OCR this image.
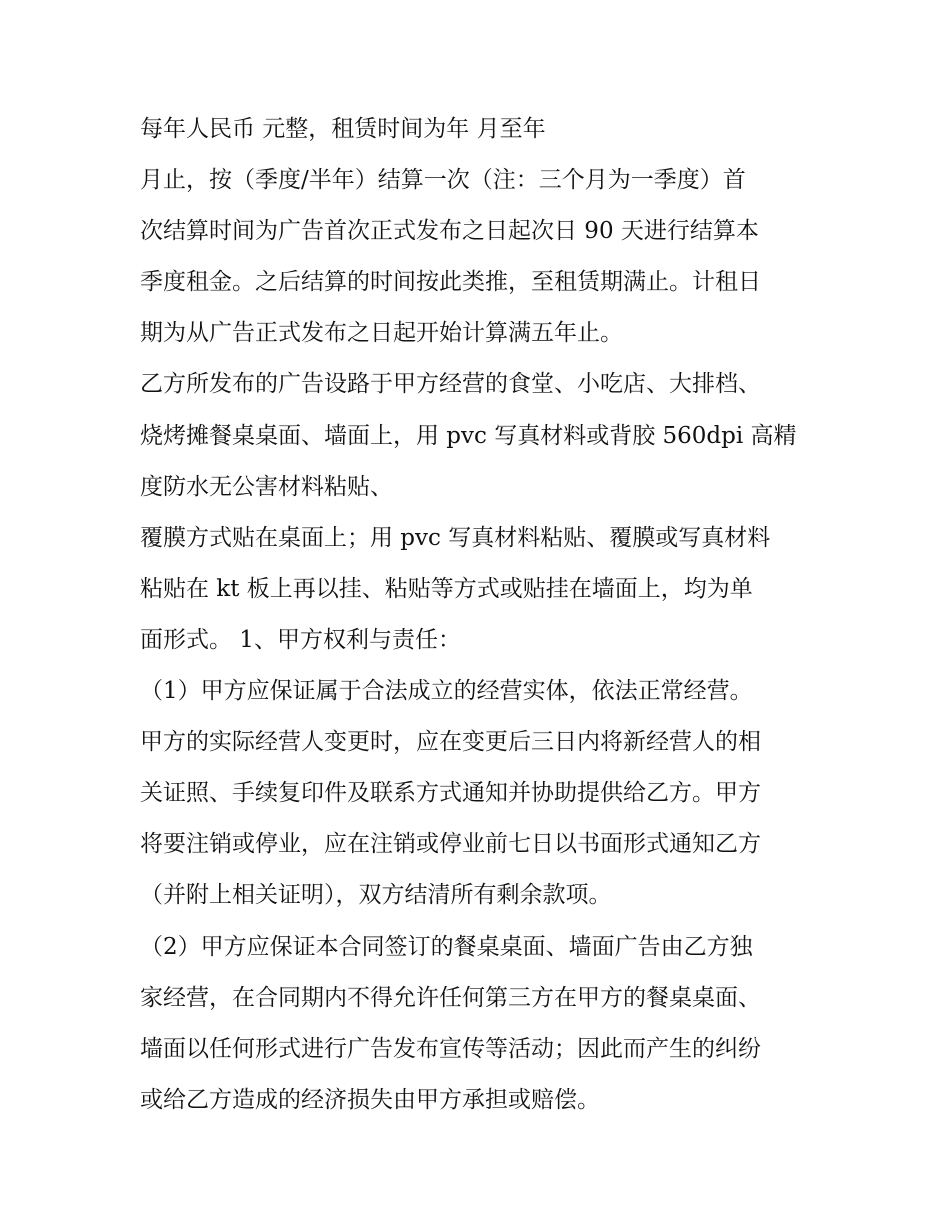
每年人民币 元整，租赁时间为年 月至年
月止，按（季度/半年）结算一次（注：三个月为一季度）首
次结算时间为广告首次正式发布之日起次日 90 天进行结算本
季度租金。之后结算的时间按此类推，至租赁期满止。计租日
期为从广告正式发布之日起开始计算满五年止。
乙方所发布的广告设路于甲方经营的食堂、小吃店、大排档、
烧烤摊餐桌桌面、墙面上，用 pvc 写真材料或背胶 560dpi 高精
度防水无公害材料粘贴、
覆膜方式贴在桌面上；用 pvc 写真材料粘贴、覆膜或写真材料
粘贴在 kt 板上再以挂、粘贴等方式或贴挂在墙面上，均为单
面形式。 1、甲方权利与责任：
（1）甲方应保证属于合法成立的经营实体，依法正常经营。
甲方的实际经营人变更时，应在变更后三日内将新经营人的相
关证照、手续复印件及联系方式通知并协助提供给乙方。甲方
将要注销或停业，应在注销或停业前七日以书面形式通知乙方
（并附上相关证明），双方结清所有剩余款项。
（2）甲方应保证本合同签订的餐桌桌面、墙面广告由乙方独
家经营，在合同期内不得允许任何第三方在甲方的餐桌桌面、
墙面以任何形式进行广告发布宣传等活动；因此而产生的纠纷
或给乙方造成的经济损失由甲方承担或赔偿。
